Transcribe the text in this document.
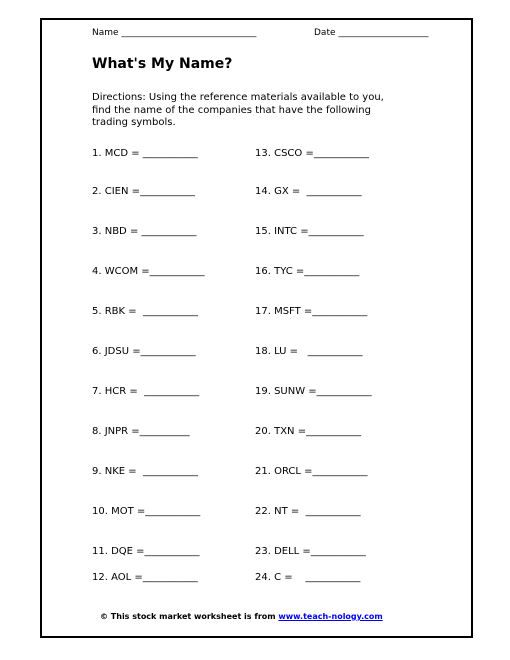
Name ______________________________	Date ____________________
What's My Name?
Directions: Using the reference materials available to you,
find the name of the companies that have the following
trading symbols.
1. MCD = ___________
2. CIEN =___________
3. NBD = ___________
4. WCOM =___________
5. RBK =  ___________
6. JDSU =___________
7. HCR =  ___________
8. JNPR =__________
9. NKE =  ___________
10. MOT =___________
11. DQE =___________
12. AOL =___________
13. CSCO =___________
14. GX =  ___________
15. INTC =___________
16. TYC =___________
17. MSFT =___________
18. LU =   ___________
19. SUNW =___________
20. TXN =___________
21. ORCL =___________
22. NT =  ___________
23. DELL =___________
24. C =    ___________
© This stock market worksheet is from www.teach-nology.com
